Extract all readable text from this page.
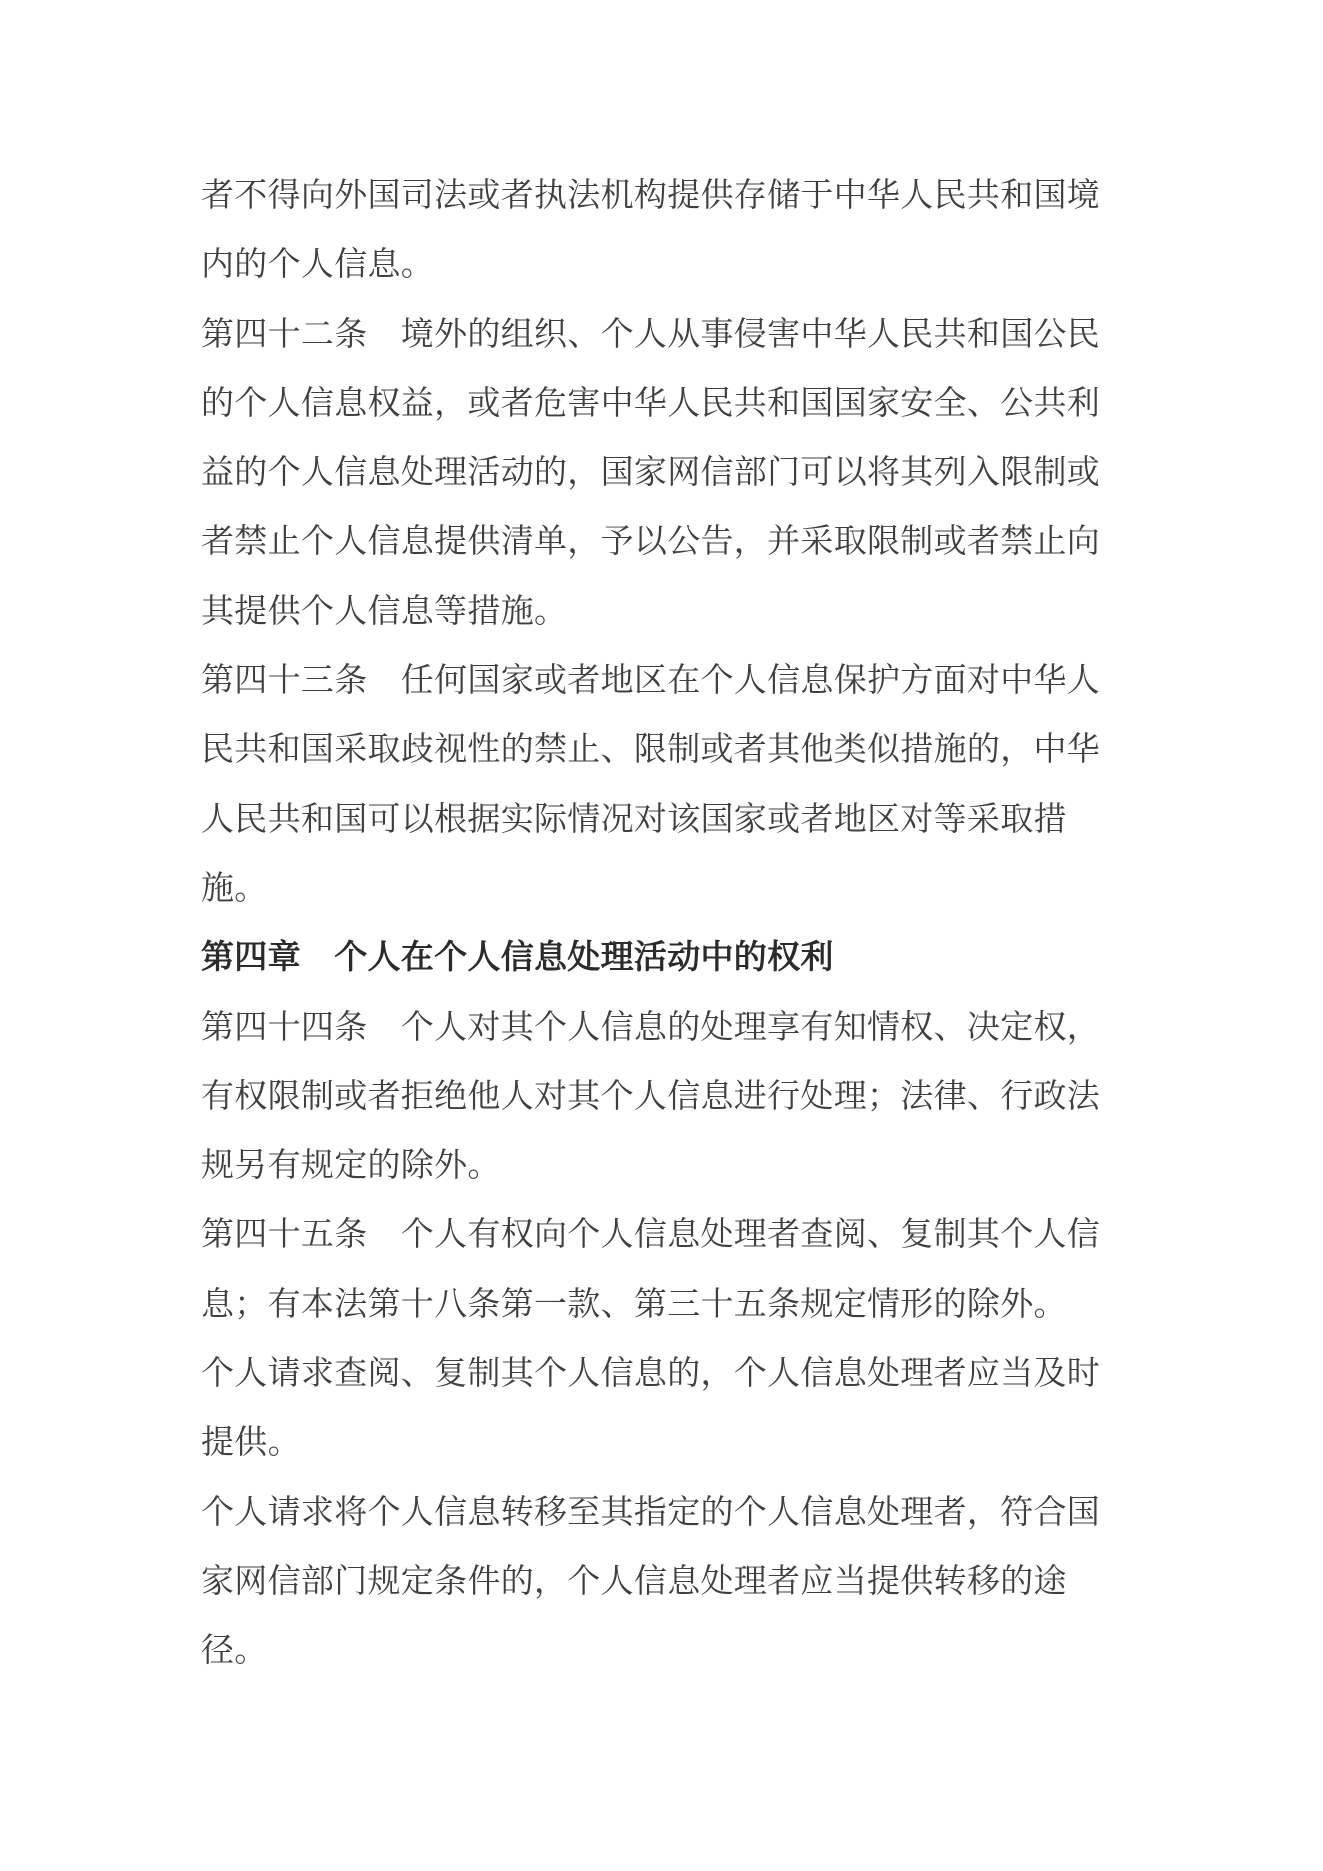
者不得向外国司法或者执法机构提供存储于中华人民共和国境
内的个人信息。
第四十二条　境外的组织、个人从事侵害中华人民共和国公民
的个人信息权益，或者危害中华人民共和国国家安全、公共利
益的个人信息处理活动的，国家网信部门可以将其列入限制或
者禁止个人信息提供清单，予以公告，并采取限制或者禁止向
其提供个人信息等措施。
第四十三条　任何国家或者地区在个人信息保护方面对中华人
民共和国采取歧视性的禁止、限制或者其他类似措施的，中华
人民共和国可以根据实际情况对该国家或者地区对等采取措
施。
第四章　个人在个人信息处理活动中的权利
第四十四条　个人对其个人信息的处理享有知情权、决定权，
有权限制或者拒绝他人对其个人信息进行处理；法律、行政法
规另有规定的除外。
第四十五条　个人有权向个人信息处理者查阅、复制其个人信
息；有本法第十八条第一款、第三十五条规定情形的除外。
个人请求查阅、复制其个人信息的，个人信息处理者应当及时
提供。
个人请求将个人信息转移至其指定的个人信息处理者，符合国
家网信部门规定条件的，个人信息处理者应当提供转移的途
径。
